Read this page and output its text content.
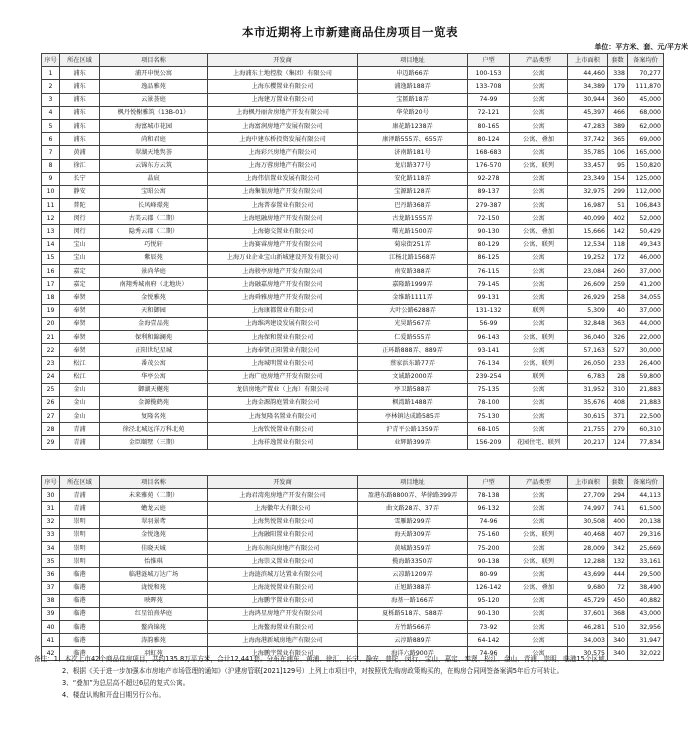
本市近期将上市新建商品住房项目一览表
单位：平方米、套、元/平方米
序号	所在区域	项目名称	开发商	项目地址	户型	产品类型	上市面积	套数	备案均价
1	浦东	浦开申悦公寓	上海浦东土地控股（集团）有限公司	申迈路66弄	100-153	公寓	44,460	338	70,277
2	浦东	逸品雅苑	上海东樱置业有限公司	浦逸路188弄	133-708	公寓	34,389	179	111,870
3	浦东	云景荟庭	上海建万置业有限公司	宝匿路18弄	74-99	公寓	30,944	360	45,000
4	浦东	枫丹悦榭雅筑（13B-01）	上海枫丹丽舍房地产开发有限公司	华荣路20号	72-121	公寓	45,397	466	68,000
5	浦东	海富城市花园	上海富润房地产发展有限公司	康花路1238弄	80-165	公寓	47,283	389	62,000
6	浦东	尚和君庭	上海中建东桥投资发展有限公司	康泽路555弄、655弄	80-124	公寓、叠加	37,742	365	69,000
7	黄浦	翠湖天地隽荟	上海彩兴房地产有限公司	济南路181号	168-683	公寓	35,785	106	165,000
8	徐汇	云锦东方云筑	上海万蓉房地产有限公司	龙启路377号	176-570	公寓、联列	33,457	95	150,820
9	长宁	晶宸	上海伟信置业发展有限公司	安化路118弄	92-278	公寓	23,349	154	125,000
10	静安	宝昭公寓	上海集银房地产开发有限公司	宝源路128弄	89-137	公寓	32,975	299	112,000
11	普陀	长风峰璟苑	上海普泰置业有限公司	巴丹路368弄	279-387	公寓	16,987	51	106,843
12	闵行	古美云郡（二期）	上海旭融房地产开发有限公司	古龙路1555弄	72-150	公寓	40,099	402	52,000
13	闵行	隐秀云郡（二期）	上海德交置业有限公司	曙光路1500弄	90-130	公寓、叠加	15,666	142	50,429
14	宝山	巧悦轩	上海赛睿房地产开发有限公司	菊泉街251弄	80-129	公寓、联列	12,534	118	49,343
15	宝山	紫辰苑	上海万业企业宝山新城建设开发有限公司	江杨北路1568弄	86-125	公寓	19,252	172	46,000
16	嘉定	景尚华庭	上海骏亭房地产开发有限公司	南安路388弄	76-115	公寓	23,084	260	37,000
17	嘉定	南翔秀城南府（北地块）	上海融嘉房地产开发有限公司	嘉隆路1999弄	79-145	公寓	26,609	259	41,200
18	奉贤	金悦雅苑	上海舜雅房地产开发有限公司	金维路1111弄	99-131	公寓	26,929	258	34,055
19	奉贤	天和御园	上海康都置业有限公司	大叶公路6288弄	131-132	联列	5,309	40	37,000
20	奉贤	金海壹品苑	上海维鸿建设发展有限公司	光昊路567弄	56-99	公寓	32,848	363	44,000
21	奉贤	保利和錦澜苑	上海保和置业有限公司	仁爱路555弄	96-143	公寓、联列	36,040	326	22,000
22	奉贤	正阳世纪星城	上海奉贤正阳置业有限公司	正环路888弄、889弄	93-141	公寓	57,163	527	30,000
23	松江	番茂公寓	上海城明置业有限公司	蔡家浜东路77弄	76-134	公寓、联列	26,050	233	26,400
24	松江	华亭公寓	上海广庭房地产开发有限公司	文诚路2000弄	239-254	联列	6,783	28	59,800
25	金山	御湖天樾苑	龙信房地产置业（上海）有限公司	亭卫路588弄	75-135	公寓	31,952	310	21,883
26	金山	金源揽鹤苑	上海金源韵庭置业有限公司	枫湾路1488弄	78-100	公寓	35,676	408	21,883
27	金山	复隆名苑	上海复隆名置业有限公司	亭林镇达成路585弄	75-130	公寓	30,615	371	22,500
28	青浦	徐泾北城远洋万科北苑	上海钦悦置业有限公司	沪青平公路1359弄	68-105	公寓	21,755	279	60,310
29	青浦	金臣颐墅（三期）	上海祥逸置业有限公司	业辉路399弄	156-209	花园住宅、联列	20,217	124	77,834
序号	所在区域	项目名称	开发商	项目地址	户型	产品类型	上市面积	套数	备案均价
30	青浦	未来雅苑（二期）	上海君湾苑房地产开发有限公司	盈港东路8800弄、华徐路399弄	78-138	公寓	27,709	294	44,113
31	青浦	蟾龙云庭	上海徽年大有限公司	曲文路28弄、37弄	96-132	公寓	74,997	741	61,500
32	崇明	翠羽景鸢	上海隽悦置业有限公司	雪雁路299弄	74-96	公寓	30,508	400	20,138
33	崇明	金悦逸苑	上海融阳置业有限公司	海天路309弄	75-160	公寓、联列	40,468	407	29,316
34	崇明	佳晓天城	上海东南向房地产有限公司	黄城路359弄	75-200	公寓	28,009	342	25,669
35	崇明	怡惟琪	上海崇义置业有限公司	揽海路3350弄	90-138	公寓、联列	12,288	132	33,161
36	临港	临港涟城万达广场	上海涟滨城万达置业有限公司	云凉路1209弄	80-99	公寓	43,699	444	29,500
37	临港	泷悦和苑	上海泷悦置业有限公司	正旭路388弄	126-142	公寓、叠加	9,680	72	38,490
38	临港	映晖苑	上海鹏宇置业有限公司	海基一路166弄	95-120	公寓	45,729	450	40,882
39	临港	红星铂熹华庭	上海鸿星房地产开发有限公司	夏栎路518弄、588弄	90-130	公寓	37,601	368	43,000
40	临港	鳌尚锦苑	上海鳌海置业有限公司	方竹路566弄	73-92	公寓	46,281	510	32,956
41	临港	涛韵雅苑	上海海港新城房地产有限公司	云淳路889弄	64-142	公寓	34,003	340	31,947
42	临港	羽虹苑	上海鹏宇置业有限公司	海洋六路900弄	74-96	公寓	30,575	340	32,022

备注：1、本次上市42个商品住房项目，共约135.8万平方米，合计12,441套。分布在浦东、黄浦、徐汇、长宁、静安、普陀、闵行、宝山、嘉定、奉贤、松江、金山、青浦、崇明、临港15个区域。

2、根据《关于进一步加强本市房地产市场管理的通知》（沪建房管联[2021]129号）上列上市项目中，对按照优先购房政策购买的，在购房合同网签备案满5年后方可转让。

3、“叠加”为总层高不超过6层的复式公寓。

4、楼盘认购和开盘日期另行公布。
